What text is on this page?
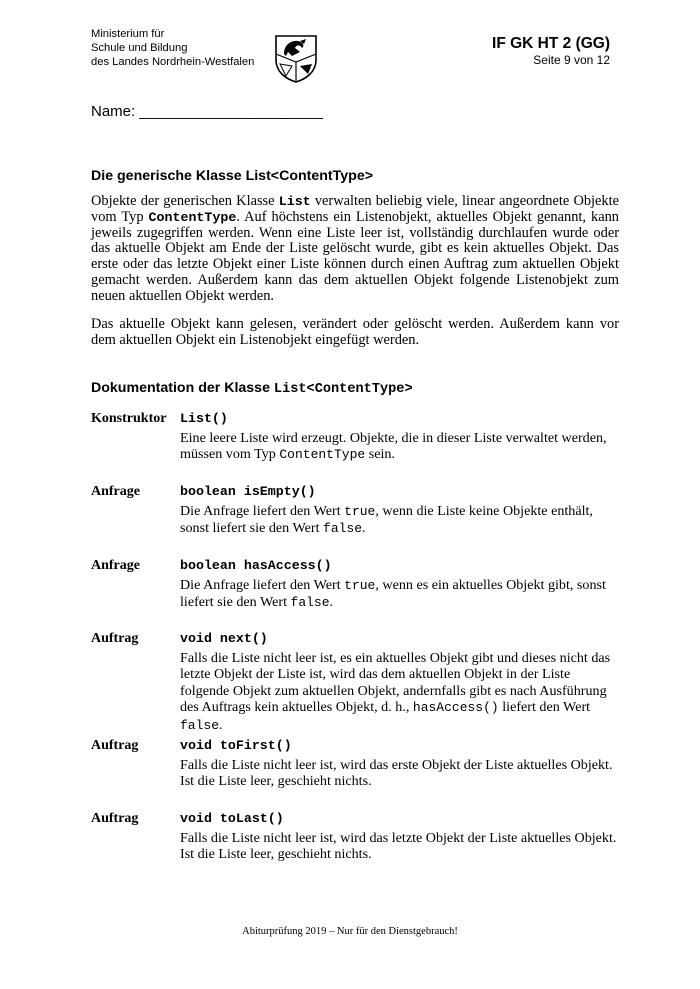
Ministerium für
Schule und Bildung
des Landes Nordrhein-Westfalen
IF GK HT 2 (GG)
Seite 9 von 12
Name: ______________________
Die generische Klasse List<ContentType>

Objekte der generischen Klasse List verwalten beliebig viele, linear angeordnete Objekte vom Typ ContentType. Auf höchstens ein Listenobjekt, aktuelles Objekt genannt, kann jeweils zugegriffen werden. Wenn eine Liste leer ist, vollständig durchlaufen wurde oder das aktuelle Objekt am Ende der Liste gelöscht wurde, gibt es kein aktuelles Objekt. Das erste oder das letzte Objekt einer Liste können durch einen Auftrag zum aktuellen Objekt gemacht werden. Außerdem kann das dem aktuellen Objekt folgende Listenobjekt zum neuen aktuellen Objekt werden.

Das aktuelle Objekt kann gelesen, verändert oder gelöscht werden. Außerdem kann vor dem aktuellen Objekt ein Listenobjekt eingefügt werden.

Dokumentation der Klasse List<ContentType>
Konstruktor List()
Eine leere Liste wird erzeugt. Objekte, die in dieser Liste verwaltet werden, müssen vom Typ ContentType sein.
Anfrage	boolean isEmpty()
Die Anfrage liefert den Wert true, wenn die Liste keine Objekte enthält, sonst liefert sie den Wert false.
Anfrage	boolean hasAccess()
Die Anfrage liefert den Wert true, wenn es ein aktuelles Objekt gibt, sonst liefert sie den Wert false.
Auftrag	void next()
Falls die Liste nicht leer ist, es ein aktuelles Objekt gibt und dieses nicht das letzte Objekt der Liste ist, wird das dem aktuellen Objekt in der Liste folgende Objekt zum aktuellen Objekt, andernfalls gibt es nach Ausführung des Auftrags kein aktuelles Objekt, d. h., hasAccess() liefert den Wert false.
Auftrag	void toFirst()
Falls die Liste nicht leer ist, wird das erste Objekt der Liste aktuelles Objekt. Ist die Liste leer, geschieht nichts.
Auftrag	void toLast()
Falls die Liste nicht leer ist, wird das letzte Objekt der Liste aktuelles Objekt. Ist die Liste leer, geschieht nichts.
Abiturprüfung 2019 – Nur für den Dienstgebrauch!
